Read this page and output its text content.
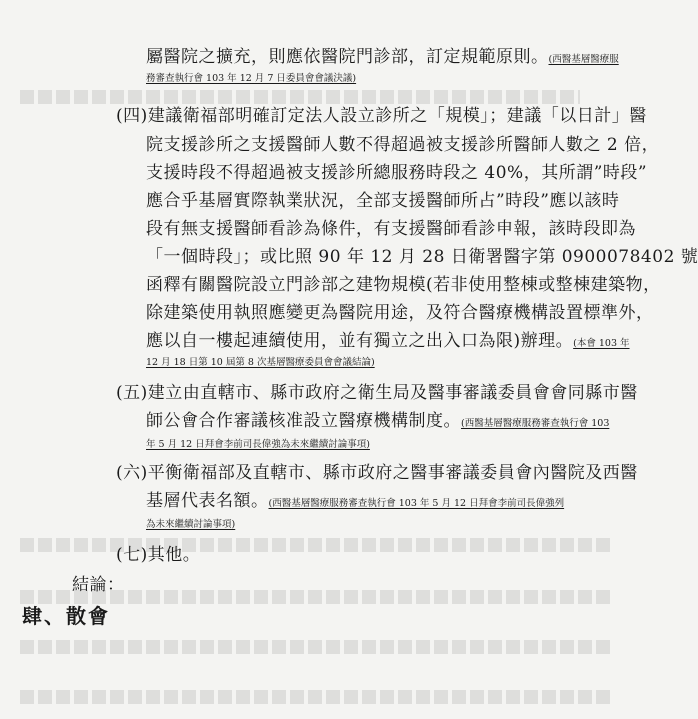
屬醫院之擴充，則應依醫院門診部，訂定規範原則。(西醫基層醫療服
務審查執行會 103 年 12 月 7 日委員會會議決議)
(四)建議衛福部明確訂定法人設立診所之「規模」；建議「以日計」醫
院支援診所之支援醫師人數不得超過被支援診所醫師人數之 2 倍，
支援時段不得超過被支援診所總服務時段之 40%，其所謂”時段”
應合乎基層實際執業狀況，全部支援醫師所占”時段”應以該時
段有無支援醫師看診為條件，有支援醫師看診申報，該時段即為
「一個時段」；或比照 90 年 12 月 28 日衛署醫字第 0900078402 號
函釋有關醫院設立門診部之建物規模(若非使用整棟或整棟建築物，
除建築使用執照應變更為醫院用途，及符合醫療機構設置標準外，
應以自一樓起連續使用，並有獨立之出入口為限)辦理。(本會 103 年
12 月 18 日第 10 屆第 8 次基層醫療委員會會議結論)
(五)建立由直轄市、縣市政府之衛生局及醫事審議委員會會同縣市醫
師公會合作審議核准設立醫療機構制度。(西醫基層醫療服務審查執行會 103
年 5 月 12 日拜會李前司長偉強為未來繼續討論事項)
(六)平衡衛福部及直轄市、縣市政府之醫事審議委員會內醫院及西醫
基層代表名額。(西醫基層醫療服務審查執行會 103 年 5 月 12 日拜會李前司長偉強列
為未來繼續討論事項)
(七)其他。
結論：
肆、散會
